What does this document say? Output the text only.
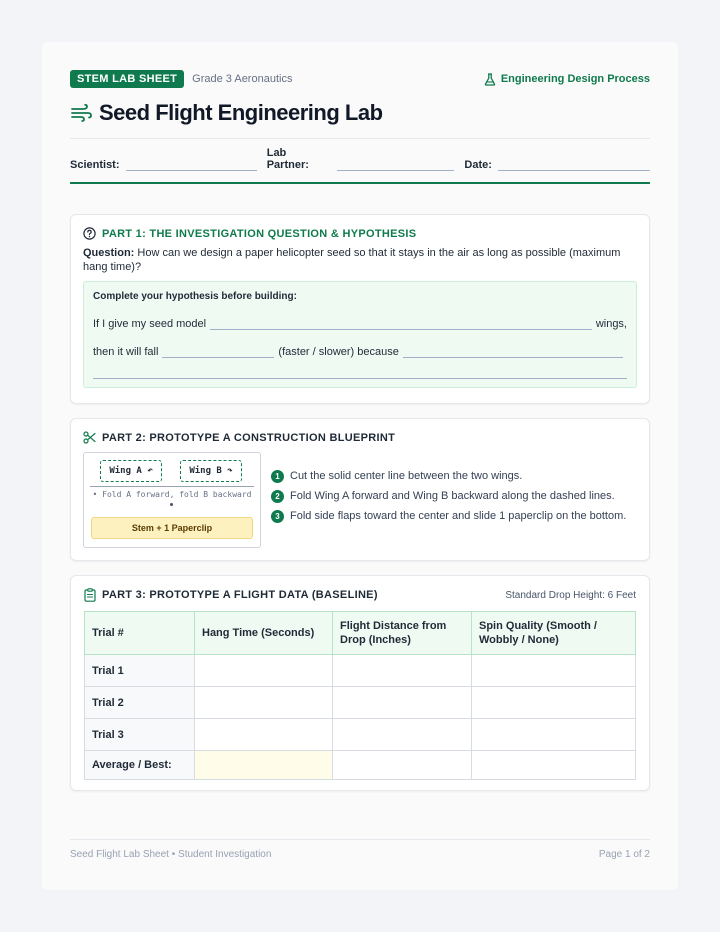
STEM LAB SHEET	Grade 3 Aeronautics	Engineering Design Process
Seed Flight Engineering Lab
Scientist:
Lab Partner:	Date:
PART 1: THE INVESTIGATION QUESTION & HYPOTHESIS

Question: How can we design a paper helicopter seed so that it stays in the air as long as possible (maximum hang time)?

Complete your hypothesis before building:
If I give my seed model	wings,
then it will fall	(faster / slower) because
PART 2: PROTOTYPE A CONSTRUCTION BLUEPRINT
Wing A ↶	Wing B ↷
• Fold A forward, fold B backward
Stem + 1 Paperclip
1 Cut the solid center line between the two wings.
2 Fold Wing A forward and Wing B backward along the dashed lines.
3 Fold side flaps toward the center and slide 1 paperclip on the bottom.
PART 3: PROTOTYPE A FLIGHT DATA (BASELINE)	Standard Drop Height: 6 Feet
Trial #	Hang Time (Seconds)	Flight Distance from Drop (Inches)	Spin Quality (Smooth / Wobbly / None)
Trial 1			
Trial 2			
Trial 3			
Average / Best:			
Seed Flight Lab Sheet • Student Investigation	Page 1 of 2
